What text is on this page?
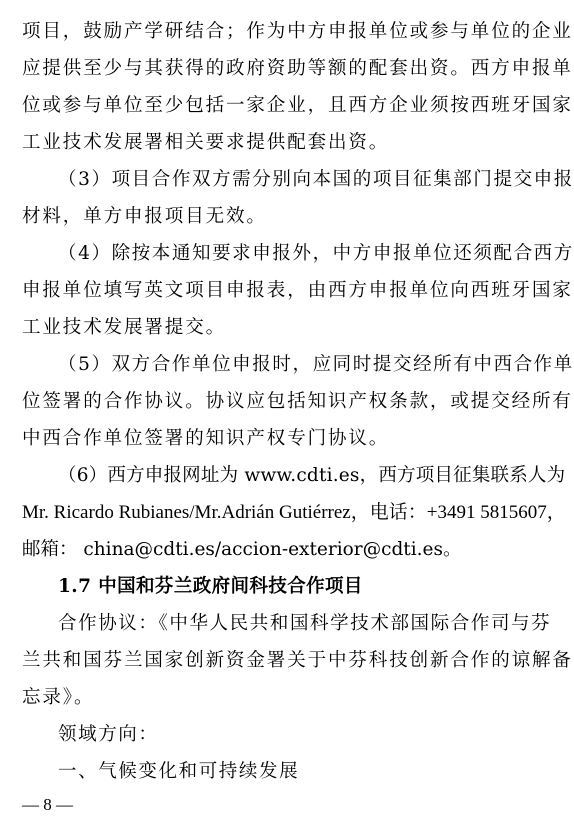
项目，鼓励产学研结合；作为中方申报单位或参与单位的企业
应提供至少与其获得的政府资助等额的配套出资。西方申报单
位或参与单位至少包括一家企业，且西方企业须按西班牙国家
工业技术发展署相关要求提供配套出资。
（3）项目合作双方需分别向本国的项目征集部门提交申报
材料，单方申报项目无效。
（4）除按本通知要求申报外，中方申报单位还须配合西方
申报单位填写英文项目申报表，由西方申报单位向西班牙国家
工业技术发展署提交。
（5）双方合作单位申报时，应同时提交经所有中西合作单
位签署的合作协议。协议应包括知识产权条款，或提交经所有
中西合作单位签署的知识产权专门协议。
（6）西方申报网址为 www.cdti.es，西方项目征集联系人为
Mr. Ricardo Rubianes/Mr.Adrián Gutiérrez，电话：+3491 5815607，
邮箱： china@cdti.es/accion-exterior@cdti.es。
1.7 中国和芬兰政府间科技合作项目
合作协议：《中华人民共和国科学技术部国际合作司与芬
兰共和国芬兰国家创新资金署关于中芬科技创新合作的谅解备
忘录》。
领域方向：
一、气候变化和可持续发展
— 8 —
